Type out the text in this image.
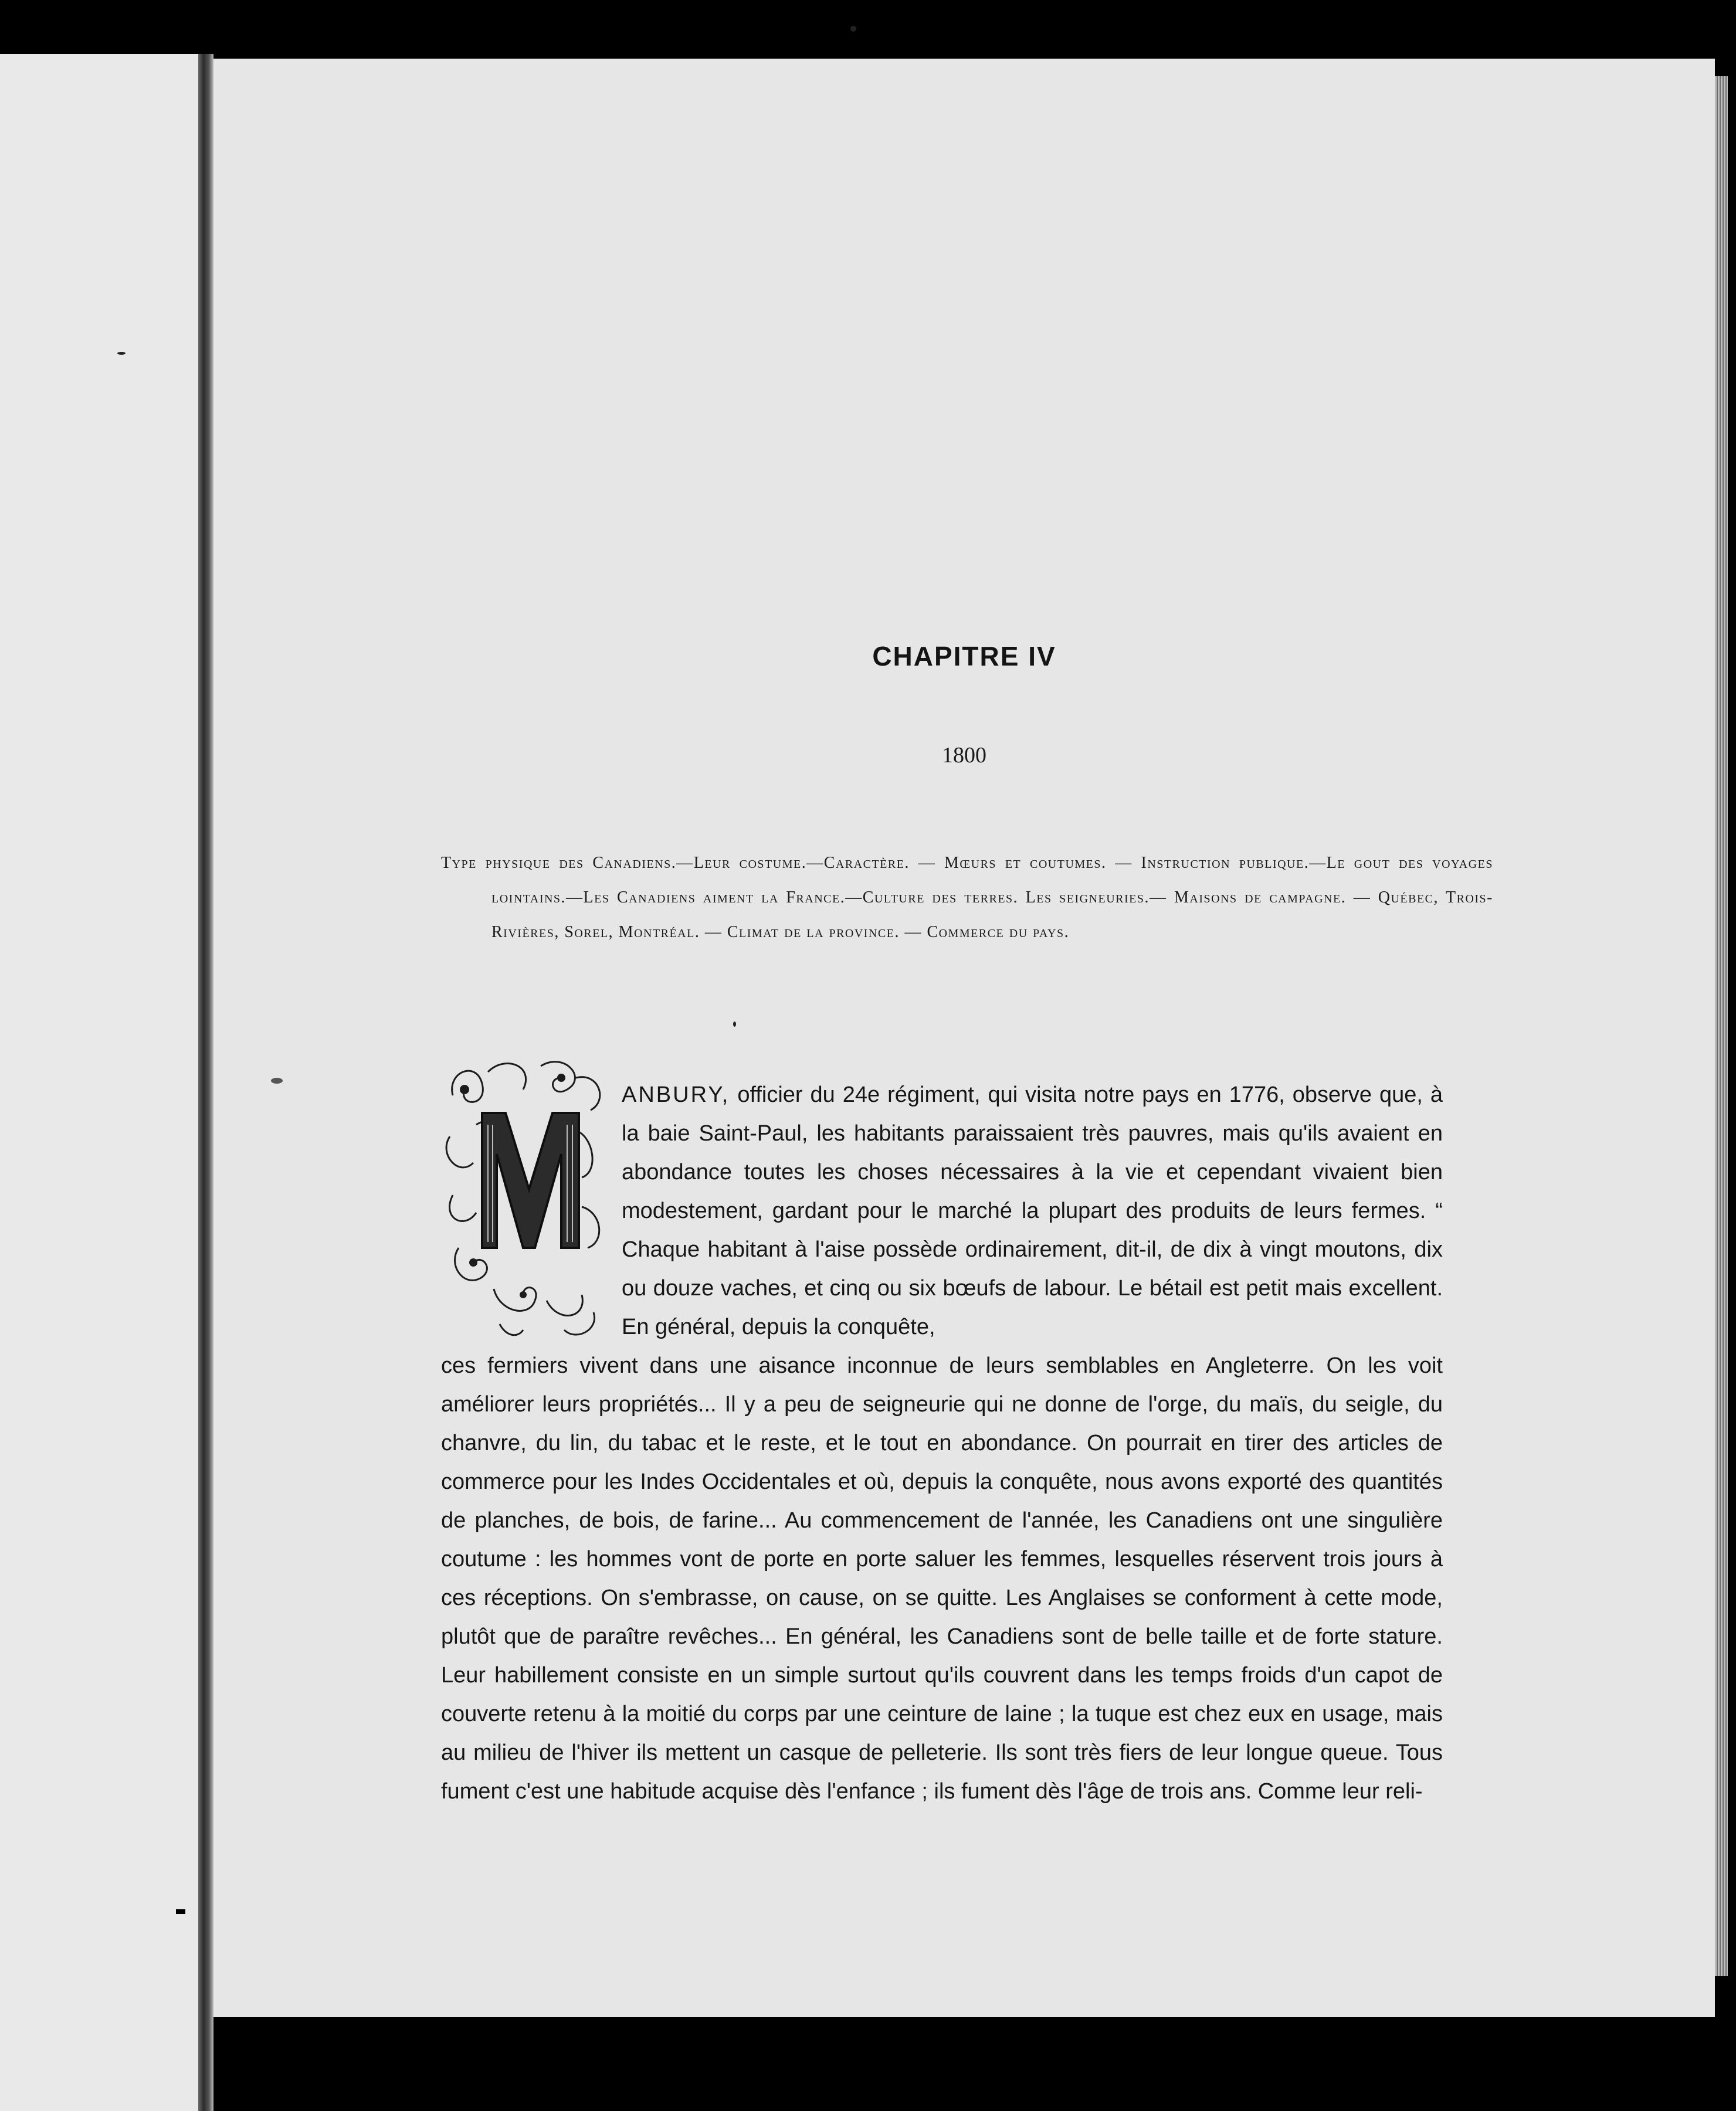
CHAPITRE IV
1800
Type physique des Canadiens.—Leur costume.—Caractère. — Mœurs et coutumes. — Instruction publique.—Le gout des voyages lointains.—Les Canadiens aiment la France.—Culture des terres. Les seigneuries.— Maisons de campagne. — Québec, Trois-Rivières, Sorel, Montréal. — Climat de la province. — Commerce du pays.
M
ANBURY, officier du 24e régiment, qui visita notre pays en 1776, observe que, à la baie Saint-Paul, les habitants paraissaient très pauvres, mais qu'ils avaient en abondance toutes les choses nécessaires à la vie et cependant vivaient bien modestement, gardant pour le marché la plupart des produits de leurs fermes. “ Chaque habitant à l'aise possède ordinairement, dit-il, de dix à vingt moutons, dix ou douze vaches, et cinq ou six bœufs de labour. Le bétail est petit mais excellent. En général, depuis la conquête,
ces fermiers vivent dans une aisance inconnue de leurs semblables en Angleterre. On les voit améliorer leurs propriétés... Il y a peu de seigneurie qui ne donne de l'orge, du maïs, du seigle, du chanvre, du lin, du tabac et le reste, et le tout en abondance. On pourrait en tirer des articles de commerce pour les Indes Occidentales et où, depuis la conquête, nous avons exporté des quantités de planches, de bois, de farine... Au commencement de l'année, les Canadiens ont une singulière coutume : les hommes vont de porte en porte saluer les femmes, lesquelles réservent trois jours à ces réceptions. On s'embrasse, on cause, on se quitte. Les Anglaises se conforment à cette mode, plutôt que de paraître revêches... En général, les Canadiens sont de belle taille et de forte stature. Leur habillement consiste en un simple surtout qu'ils couvrent dans les temps froids d'un capot de couverte retenu à la moitié du corps par une ceinture de laine ; la tuque est chez eux en usage, mais au milieu de l'hiver ils mettent un casque de pelleterie. Ils sont très fiers de leur longue queue. Tous fument c'est une habitude acquise dès l'enfance ; ils fument dès l'âge de trois ans. Comme leur reli-
